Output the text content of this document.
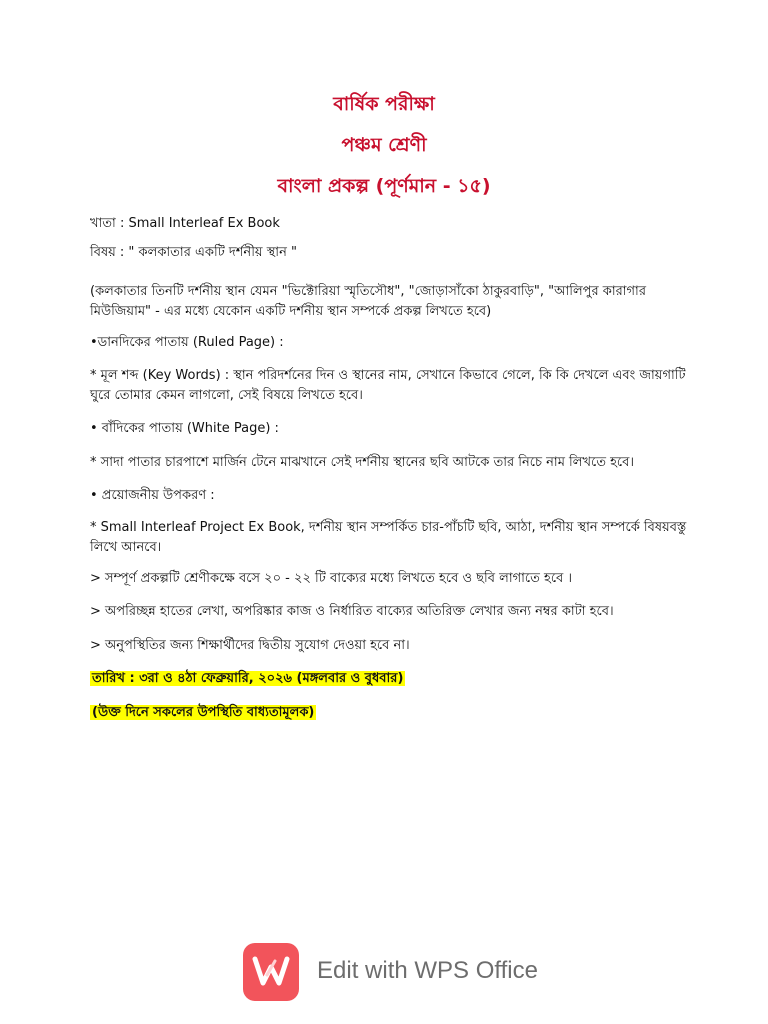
বার্ষিক পরীক্ষা
পঞ্চম শ্রেণী
বাংলা প্রকল্প (পূর্ণমান - ১৫)
খাতা : Small Interleaf Ex Book
বিষয় : " কলকাতার একটি দর্শনীয় স্থান "
(কলকাতার তিনটি দর্শনীয় স্থান যেমন "ভিক্টোরিয়া স্মৃতিসৌধ", "জোড়াসাঁকো ঠাকুরবাড়ি", "আলিপুর কারাগার মিউজিয়াম" - এর মধ্যে যেকোন একটি দর্শনীয় স্থান সম্পর্কে প্রকল্প লিখতে হবে)
•ডানদিকের পাতায় (Ruled Page) :
* মূল শব্দ (Key Words) : স্থান পরিদর্শনের দিন ও স্থানের নাম, সেখানে কিভাবে গেলে, কি কি দেখলে এবং জায়গাটি ঘুরে তোমার কেমন লাগলো, সেই বিষয়ে লিখতে হবে।
• বাঁদিকের পাতায় (White Page) :
* সাদা পাতার চারপাশে মার্জিন টেনে মাঝখানে সেই দর্শনীয় স্থানের ছবি আটকে তার নিচে নাম লিখতে হবে।
• প্রয়োজনীয় উপকরণ :
* Small Interleaf Project Ex Book, দর্শনীয় স্থান সম্পর্কিত চার-পাঁচটি ছবি, আঠা, দর্শনীয় স্থান সম্পর্কে বিষয়বস্তু লিখে আনবে।
> সম্পূর্ণ প্রকল্পটি শ্রেণীকক্ষে বসে ২০ - ২২ টি বাক্যের মধ্যে লিখতে হবে ও ছবি লাগাতে হবে ।
> অপরিচ্ছন্ন হাতের লেখা, অপরিষ্কার কাজ ও নির্ধারিত বাক্যের অতিরিক্ত লেখার জন্য নম্বর কাটা হবে।
> অনুপস্থিতির জন্য শিক্ষার্থীদের দ্বিতীয় সুযোগ দেওয়া হবে না।
তারিখ : ৩রা ও ৪ঠা ফেব্রুয়ারি, ২০২৬ (মঙ্গলবার ও বুধবার)
(উক্ত দিনে সকলের উপস্থিতি বাধ্যতামূলক)
Edit with WPS Office
